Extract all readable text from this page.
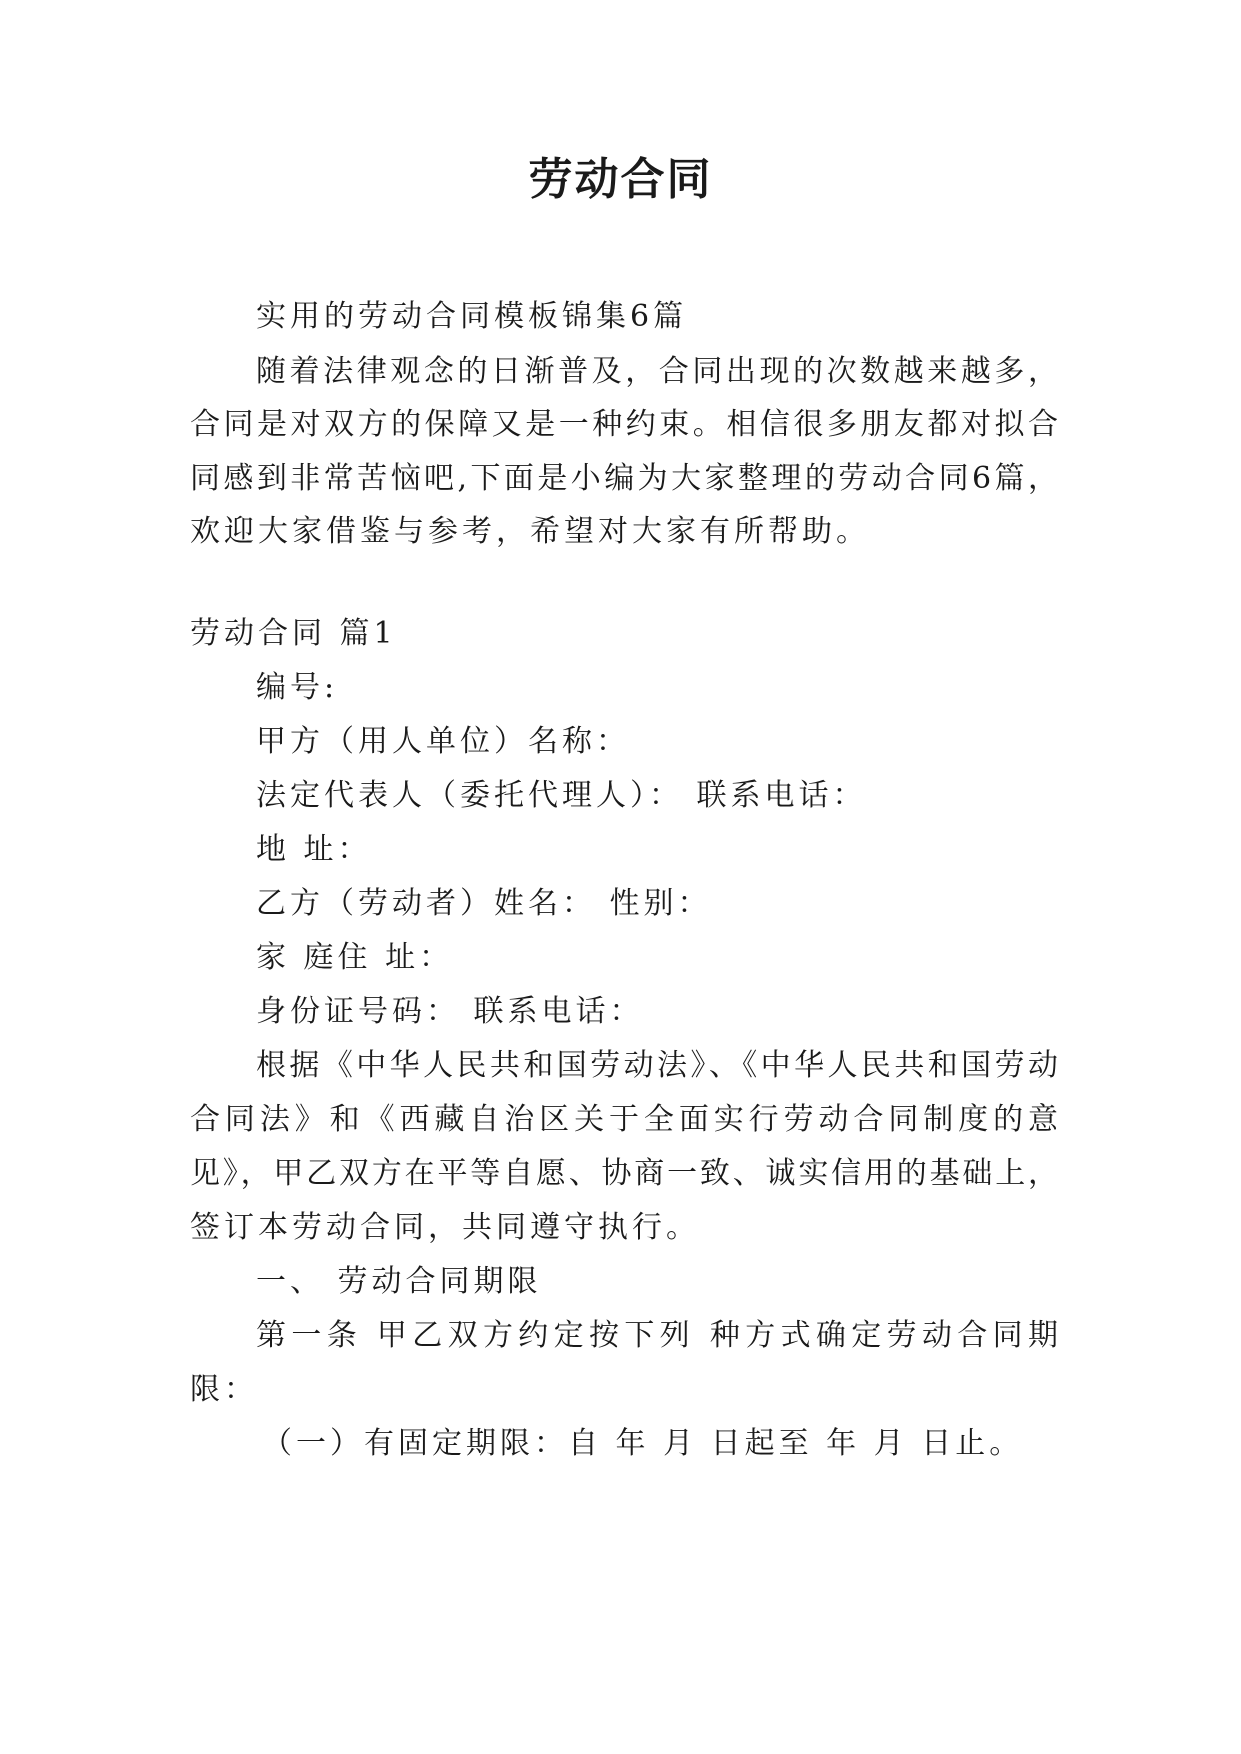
劳动合同
实用的劳动合同模板锦集6篇
随着法律观念的日渐普及，合同出现的次数越来越多，
合同是对双方的保障又是一种约束。相信很多朋友都对拟合
同感到非常苦恼吧,下面是小编为大家整理的劳动合同6篇，
欢迎大家借鉴与参考，希望对大家有所帮助。
劳动合同 篇1
编号:
甲方（用人单位）名称：
法定代表人（委托代理人）： 联系电话：
地 址：
乙方（劳动者）姓名： 性别：
家 庭住 址：
身份证号码： 联系电话：
根据《中华人民共和国劳动法》、《中华人民共和国劳动
合同法》和《西藏自治区关于全面实行劳动合同制度的意
见》，甲乙双方在平等自愿、协商一致、诚实信用的基础上，
签订本劳动合同，共同遵守执行。
一、 劳动合同期限
第一条 甲乙双方约定按下列 种方式确定劳动合同期
限：
（一）有固定期限：自 年 月 日起至 年 月 日止。
